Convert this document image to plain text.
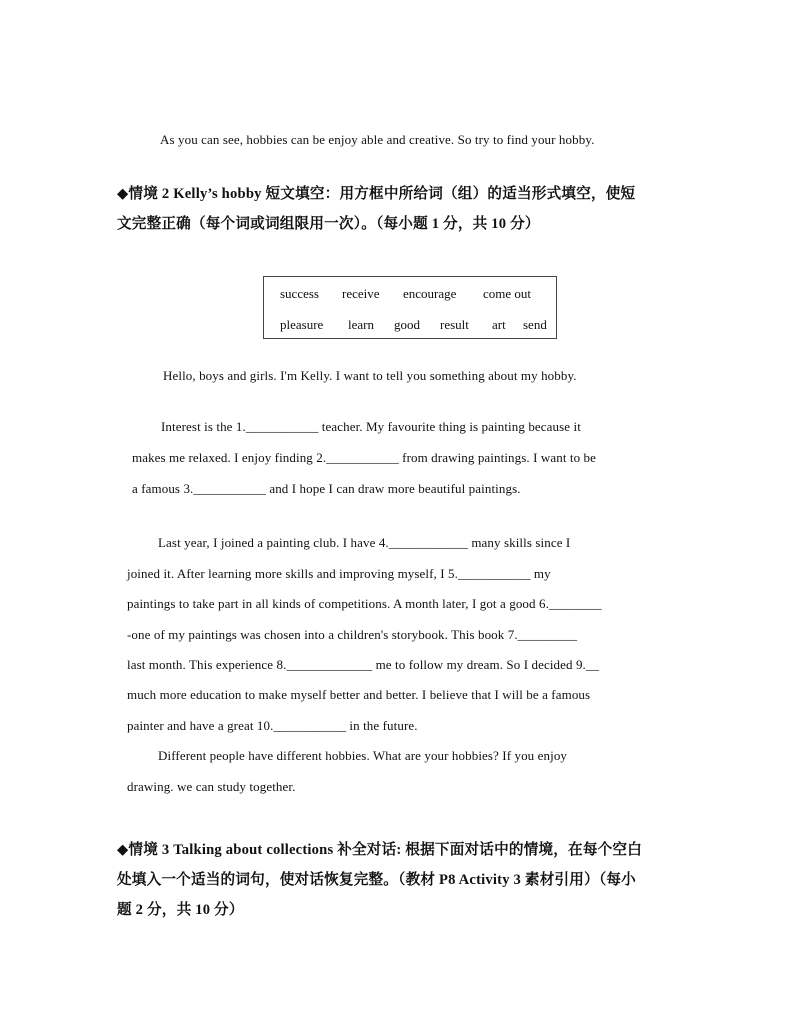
As you can see, hobbies can be enjoy able and creative. So try to find your hobby.
◆情境 2 Kelly’s hobby 短文填空：用方框中所给词（组）的适当形式填空，使短
文完整正确（每个词或词组限用一次）。（每小题 1 分，共 10 分）
success receive encourage come out
pleasure learn good result art send
Hello, boys and girls. I'm Kelly. I want to tell you something about my hobby.
Interest is the 1.___________ teacher. My favourite thing is painting because it
makes me relaxed. I enjoy finding 2.___________ from drawing paintings. I want to be
a famous 3.___________ and I hope I can draw more beautiful paintings.
Last year, I joined a painting club. I have 4.____________ many skills since I
joined it. After learning more skills and improving myself, I 5.___________ my
paintings to take part in all kinds of competitions. A month later, I got a good 6.________
-one of my paintings was chosen into a children's storybook. This book 7._________
last month. This experience 8._____________ me to follow my dream. So I decided 9.__
much more education to make myself better and better. I believe that I will be a famous
painter and have a great 10.___________ in the future.
Different people have different hobbies. What are your hobbies? If you enjoy
drawing. we can study together.
◆情境 3 Talking about collections 补全对话: 根据下面对话中的情境，在每个空白
处填入一个适当的词句，使对话恢复完整。（教材 P8 Activity 3 素材引用）（每小
题 2 分，共 10 分）
